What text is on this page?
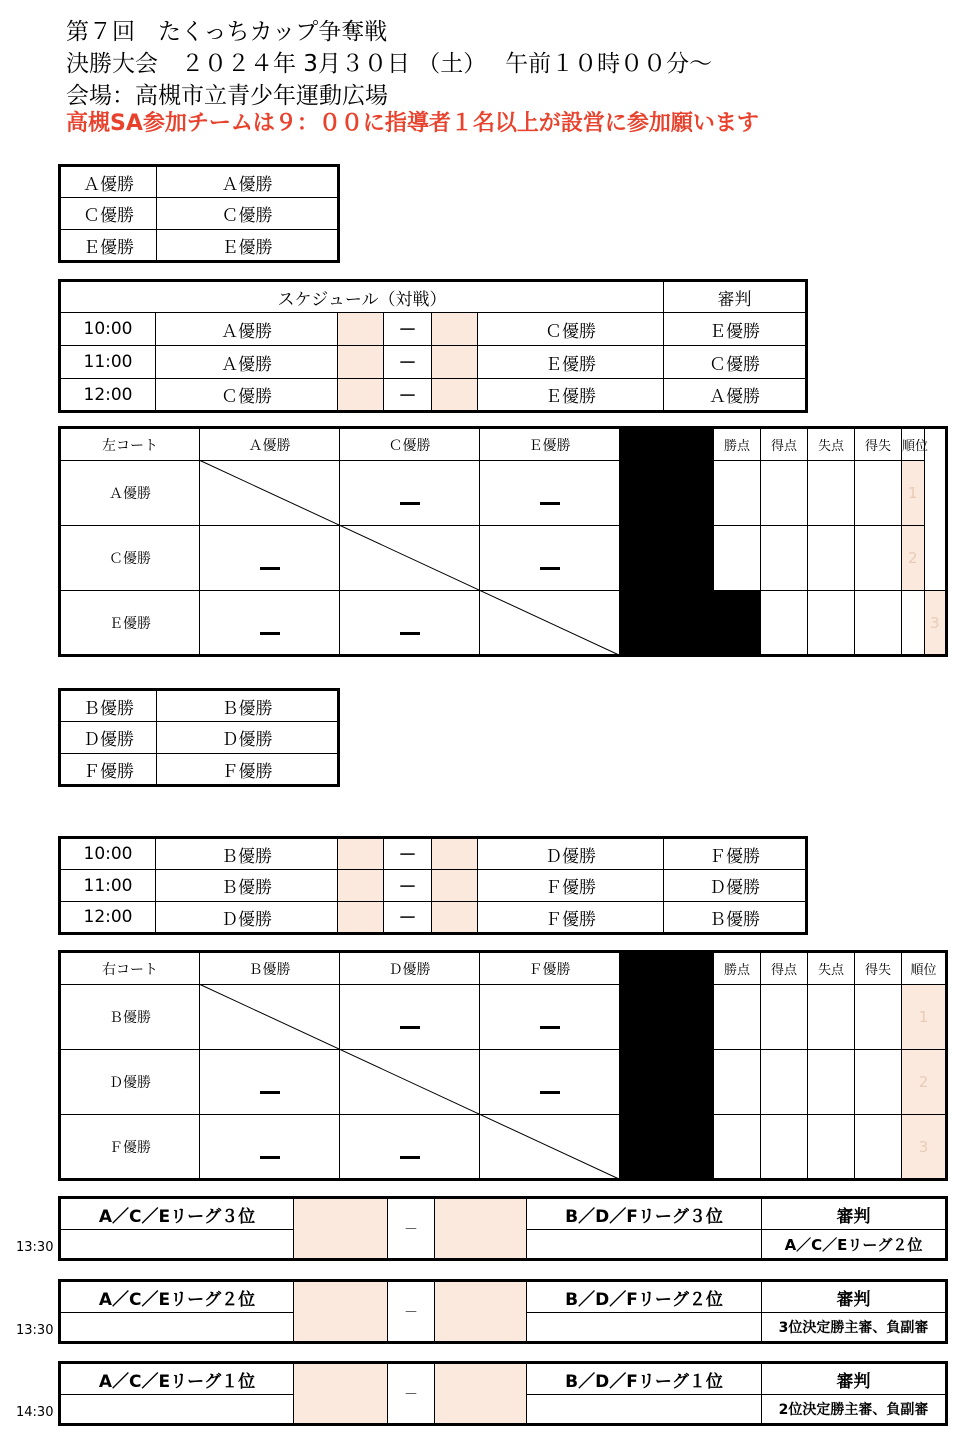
第７回　たくっちカップ争奪戦
決勝大会　２０２４年 3月３０日 （土）　 午前１０時００分～
会場：高槻市立青少年運動広場
高槻SA参加チームは９：００に指導者１名以上が設営に参加願います
Ａ優勝	Ａ優勝
Ｃ優勝	Ｃ優勝
Ｅ優勝	Ｅ優勝
スケジュール（対戦）						審判
10:00	Ａ優勝		－		Ｃ優勝	Ｅ優勝
11:00	Ａ優勝		－		Ｅ優勝	Ｃ優勝
12:00	Ｃ優勝		－		Ｅ優勝	Ａ優勝
左コート	Ａ優勝	Ｃ優勝	Ｅ優勝		勝点	得点	失点	得失	順位	
Ａ優勝									1	
Ｃ優勝									2	
Ｅ優勝										3
Ｂ優勝	Ｂ優勝
Ｄ優勝	Ｄ優勝
Ｆ優勝	Ｆ優勝
10:00	Ｂ優勝		－		Ｄ優勝	Ｆ優勝
11:00	Ｂ優勝		－		Ｆ優勝	Ｄ優勝
12:00	Ｄ優勝		－		Ｆ優勝	Ｂ優勝
右コート	Ｂ優勝	Ｄ優勝	Ｆ優勝		勝点	得点	失点	得失	順位
Ｂ優勝									1
Ｄ優勝									2
Ｆ優勝									3
13:30
A／C／Eリーグ３位		－		B／D／Fリーグ３位	審判
					A／C／Eリーグ２位
13:30
A／C／Eリーグ２位		－		B／D／Fリーグ２位	審判
					3位決定勝主審、負副審
14:30
A／C／Eリーグ１位		－		B／D／Fリーグ１位	審判
					2位決定勝主審、負副審
